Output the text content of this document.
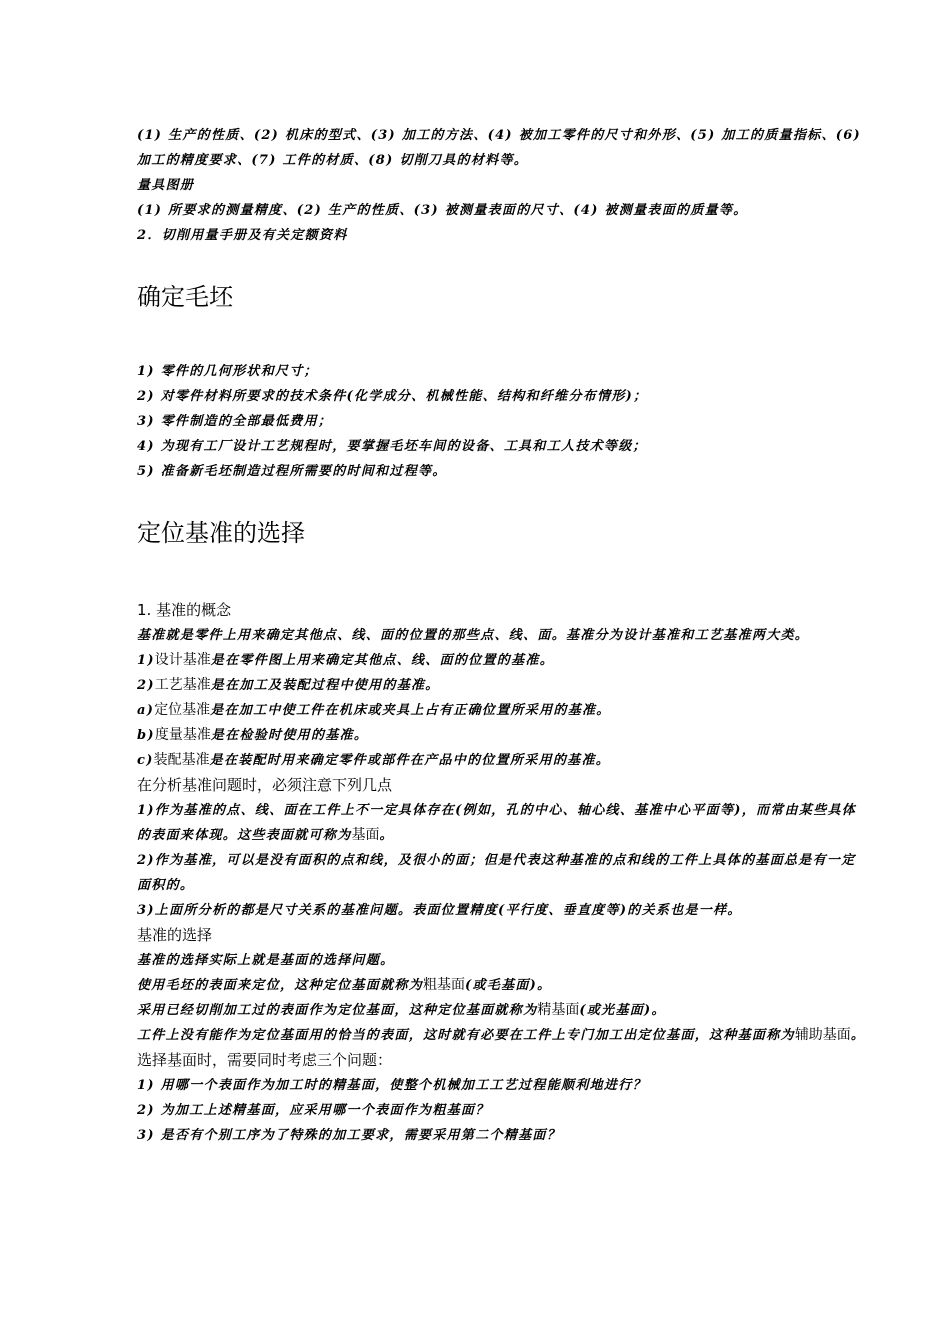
(1) 生产的性质、(2) 机床的型式、(3) 加工的方法、(4) 被加工零件的尺寸和外形、(5) 加工的质量指标、(6) 加工的精度要求、(7) 工件的材质、(8) 切削刀具的材料等。

量具图册

(1) 所要求的测量精度、(2) 生产的性质、(3) 被测量表面的尺寸、(4) 被测量表面的质量等。

2．切削用量手册及有关定额资料

确定毛坯

1) 零件的几何形状和尺寸；

2) 对零件材料所要求的技术条件(化学成分、机械性能、结构和纤维分布情形)；

3) 零件制造的全部最低费用；

4) 为现有工厂设计工艺规程时，要掌握毛坯车间的设备、工具和工人技术等级；

5) 准备新毛坯制造过程所需要的时间和过程等。

定位基准的选择

1. 基准的概念

基准就是零件上用来确定其他点、线、面的位置的那些点、线、面。基准分为设计基准和工艺基准两大类。

1)设计基准是在零件图上用来确定其他点、线、面的位置的基准。

2)工艺基准是在加工及装配过程中使用的基准。

a)定位基准是在加工中使工件在机床或夹具上占有正确位置所采用的基准。

b)度量基准是在检验时使用的基准。

c)装配基准是在装配时用来确定零件或部件在产品中的位置所采用的基准。

在分析基准问题时，必须注意下列几点

1)作为基准的点、线、面在工件上不一定具体存在(例如，孔的中心、轴心线、基准中心平面等)，而常由某些具体的表面来体现。这些表面就可称为基面。

2)作为基准，可以是没有面积的点和线，及很小的面；但是代表这种基准的点和线的工件上具体的基面总是有一定面积的。

3)上面所分析的都是尺寸关系的基准问题。表面位置精度(平行度、垂直度等)的关系也是一样。

基准的选择

基准的选择实际上就是基面的选择问题。

使用毛坯的表面来定位，这种定位基面就称为粗基面(或毛基面)。

采用已经切削加工过的表面作为定位基面，这种定位基面就称为精基面(或光基面)。

工件上没有能作为定位基面用的恰当的表面，这时就有必要在工件上专门加工出定位基面，这种基面称为辅助基面。

选择基面时，需要同时考虑三个问题：

1) 用哪一个表面作为加工时的精基面，使整个机械加工工艺过程能顺利地进行？

2) 为加工上述精基面，应采用哪一个表面作为粗基面？

3) 是否有个别工序为了特殊的加工要求，需要采用第二个精基面？
